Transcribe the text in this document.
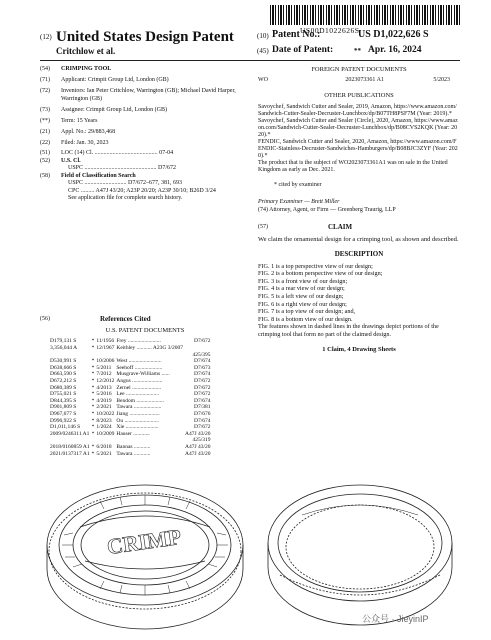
US00D1022626S
(12) United States Design Patent
Critchlow et al.
(10) Patent No.:	US D1,022,626 S
(45) Date of Patent:	** Apr. 16, 2024
(54) CRIMPING TOOL
(71) Applicant: Crimpit Group Ltd, London (GB)
(72)	Inventors: Ian Peter Critchlow, Warrington (GB); Michael David Harper, Warrington (GB)
(73) Assignee: Crimpit Group Ltd, London (GB)
(**) Term: 15 Years
(21) Appl. No.: 29/883,468
(22) Filed: Jan. 30, 2023
(51) LOC (14) Cl. .......................................... 07-04
(52) U.S. Cl.
USPC ................................................ D7/672
(58) Field of Classification Search
USPC ............................ D7/672–677, 381, 693
CPC ......... A47J 43/20; A23P 20/20; A23P 30/10; B26D 3/24
See application file for complete search history.
(56)	References Cited
U.S. PATENT DOCUMENTS
D179,131 S	*	11/1956	Frey ........................	D7/672
3,356,044 A	*	12/1967	Keithley ........... A23G 3/2007	
				425/395
D530,991 S	*	10/2006	West ........................	D7/674
D638,666 S	*	5/2011	Seehoff ....................	D7/673
D663,590 S	*	7/2012	Musgrave-Williams ......	D7/674
D672,212 S	*	12/2012	Angus ......................	D7/672
D680,389 S	*	4/2013	Zernel .....................	D7/672
D755,021 S	*	5/2016	Lee ........................	D7/672
D844,395 S	*	4/2019	Bendom ....................	D7/674
D901,809 S	*	2/2021	Tawara ....................	D7/381
D967,677 S	*	10/2022	Jiang ......................	D7/676
D996,922 S	*	8/2023	Ou .........................	D7/674
D1,011,146 S	*	1/2024	Xie ........................	D7/672
2009/0246311 A1	*	10/2009	Hauser ............	A47J 43/20
				425/319
2018/0160859 A1	*	6/2018	Bannas ............	A47J 43/20
2021/0137317 A1	*	5/2021	Tawara ............	A47J 43/20
FOREIGN PATENT DOCUMENTS
WO	2023073361 A1	5/2023
OTHER PUBLICATIONS
Savoychef, Sandwich Cutter and Sealer, 2019, Amazon, https://www.amazon.com/Sandwich-Cutter-Sealer-Decruster-Lunchbox/dp/B07TH8PSF7M (Year: 2019).*
Savoychef, Sandwich Cutter and Sealer (Circle), 2020, Amazon, https://www.amazon.com/Sandwich-Cutter-Sealer-Decruster-Lunchbox/dp/B08CVS2KQK (Year: 2020).*
FENDIC, Sandwich Cutter and Sealer, 2020, Amazon, https://www.amazon.com/FENDIC-Stainless-Decruster-Sandwiches-Hamburgers/dp/B08BJC3ZYF (Year: 2020).*
The product that is the subject of WO2023073361A1 was on sale in the United Kingdom as early as Dec. 2021.
* cited by examiner
Primary Examiner — Brett Miller
(74) Attorney, Agent, or Firm — Greenberg Traurig, LLP
(57)	CLAIM
We claim the ornamental design for a crimping tool, as shown and described.
DESCRIPTION
FIG. 1 is a top perspective view of our design;
FIG. 2 is a bottom perspective view of our design;
FIG. 3 is a front view of our design;
FIG. 4 is a rear view of our design;
FIG. 5 is a left view of our design;
FIG. 6 is a right view of our design;
FIG. 7 is a top view of our design; and,
FIG. 8 is a bottom view of our design.
The features shown in dashed lines in the drawings depict portions of the crimping tool that form no part of the claimed design.
1 Claim, 4 Drawing Sheets
CRIMP
公众号 · JieyinIP
